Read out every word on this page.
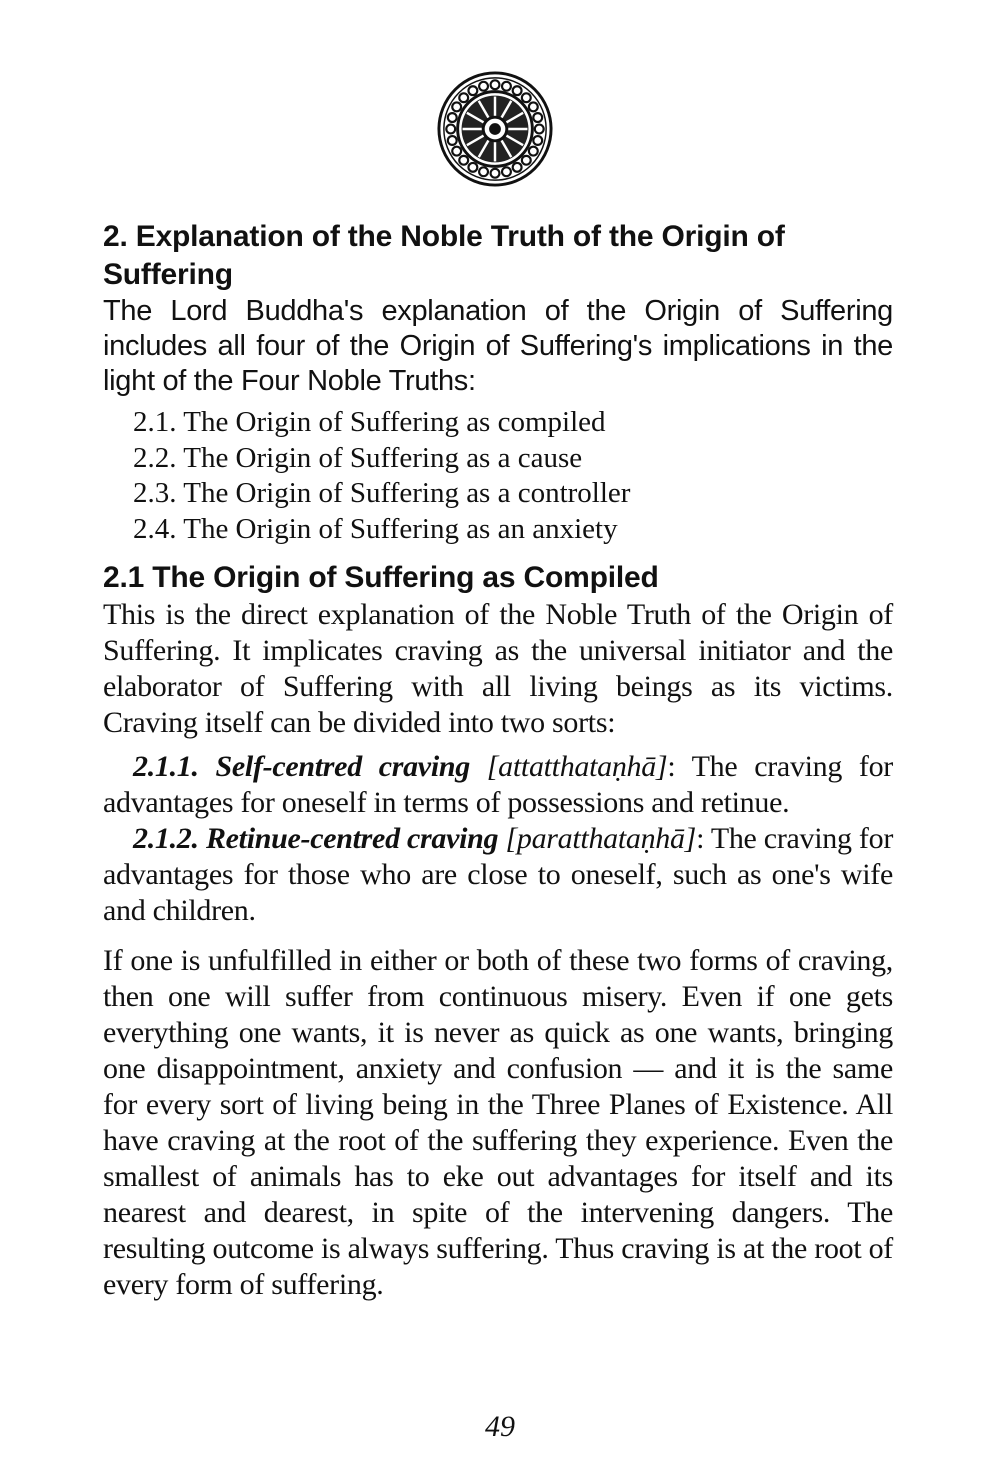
2. Explanation of the Noble Truth of the Origin of Suffering

The Lord Buddha's explanation of the Origin of Suffering includes all four of the Origin of Suffering's implications in the light of the Four Noble Truths:

2.1. The Origin of Suffering as compiled
2.2. The Origin of Suffering as a cause
2.3. The Origin of Suffering as a controller
2.4. The Origin of Suffering as an anxiety
2.1 The Origin of Suffering as Compiled

This is the direct explanation of the Noble Truth of the Origin of Suffering. It implicates craving as the universal initiator and the elaborator of Suffering with all living beings as its victims. Craving itself can be divided into two sorts:

2.1.1. Self-centred craving [attatthataṇhā]: The craving for advantages for oneself in terms of possessions and retinue.

2.1.2. Retinue-centred craving [paratthataṇhā]: The craving for advantages for those who are close to oneself, such as one's wife and children.

If one is unfulfilled in either or both of these two forms of craving, then one will suffer from continuous misery. Even if one gets everything one wants, it is never as quick as one wants, bringing one disappointment, anxiety and confusion — and it is the same for every sort of living being in the Three Planes of Existence. All have craving at the root of the suffering they experience. Even the smallest of animals has to eke out advantages for itself and its nearest and dearest, in spite of the intervening dangers. The resulting outcome is always suffering. Thus craving is at the root of every form of suffering.

49
